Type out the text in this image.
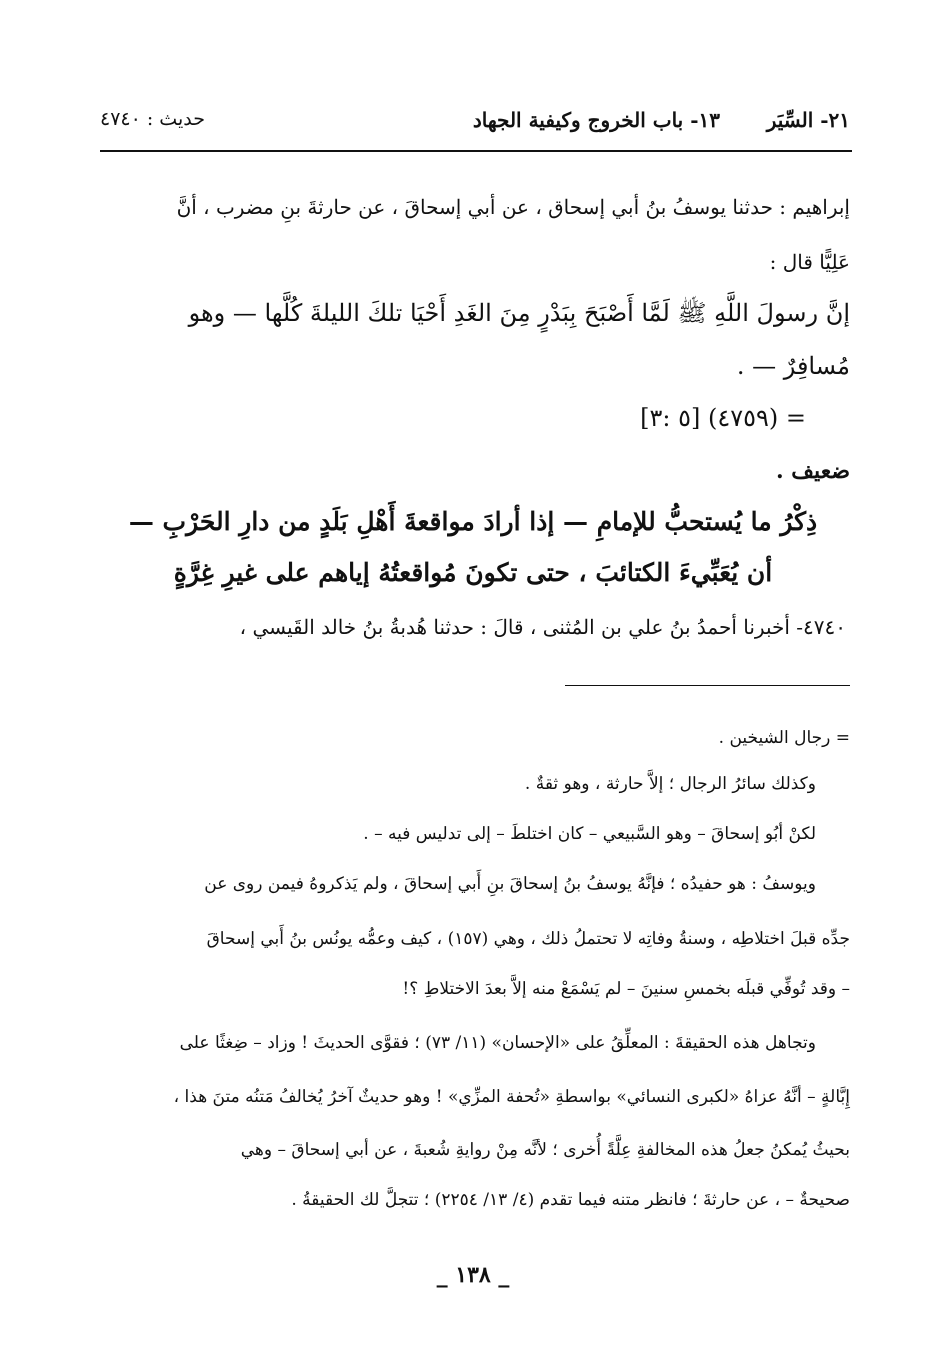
٢١- السِّيَر
١٣- باب الخروج وكيفية الجهاد
حديث : ٤٧٤٠
إبراهيم : حدثنا يوسفُ بنُ أبي إسحاق ، عن أبي إسحاقَ ، عن حارثةَ بنِ مضرب ، أنَّ
عَلِيًّا قال :
إنَّ رسولَ اللَّهِ ﷺ لَمَّا أَصْبَحَ بِبَدْرٍ مِنَ الغَدِ أَحْيَا تلكَ الليلةَ كُلَّها — وهو
مُسافِرٌ — .
= (٤٧٥٩) [٥ :٣]
ضعيف .
ذِكْرُ ما يُستحبُّ للإمامِ — إذا أرادَ مواقعةَ أَهْلِ بَلَدٍ من دارِ الحَرْبِ —
أن يُعَبِّيءَ الكتائبَ ، حتى تكونَ مُواقعتُهُ إياهم على غيرِ غِرَّةٍ
٤٧٤٠- أخبرنا أحمدُ بنُ علي بن المُثنى ، قالَ : حدثنا هُدبةُ بنُ خالد القَيسي ،
= رجال الشيخين .
وكذلك سائرُ الرجال ؛ إلاَّ حارثة ، وهو ثقةٌ .
لكنْ أبُو إسحاقَ – وهو السَّبيعي – كان اختلطَ – إلى تدليس فيه – .
ويوسفُ : هو حفيدُه ؛ فإنَّهُ يوسفُ بنُ إسحاقَ بنِ أَبي إسحاقَ ، ولم يَذكروهُ فيمن روى عن
جدِّه قبلَ اختلاطِه ، وسنةُ وفاتِه لا تحتملُ ذلك ، وهي (١٥٧) ، كيف وعمُّه يونُس بنُ أَبي إسحاقَ
– وقد تُوفِّي قبلَه بخمسِ سنينَ – لم يَسْمَعْ منه إلاَّ بعدَ الاختلاطِ ؟!
وتجاهل هذه الحقيقةَ : المعلِّقُ على «الإحسان» (١١/ ٧٣) ؛ فقوَّى الحديثَ ! وزاد – ضِغثًا على
إِبَّالةٍ – أنَّهُ عزاهُ «لكبرى النسائي» بواسطةِ «تُحفة المزِّي» ! وهو حديثٌ آخرُ يُخالفُ مَتنُه متنَ هذا ،
بحيثُ يُمكنُ جعلُ هذه المخالفةِ عِلَّةً أُخرى ؛ لأنَّه مِنْ روايةِ شُعبةَ ، عن أبي إسحاقَ – وهي
صحيحةٌ – ، عن حارثةَ ؛ فانظر متنه فيما تقدم (٤/ ١٣/ ٢٢٥٤) ؛ تتجلَّ لك الحقيقةُ .
_ ١٣٨ _
